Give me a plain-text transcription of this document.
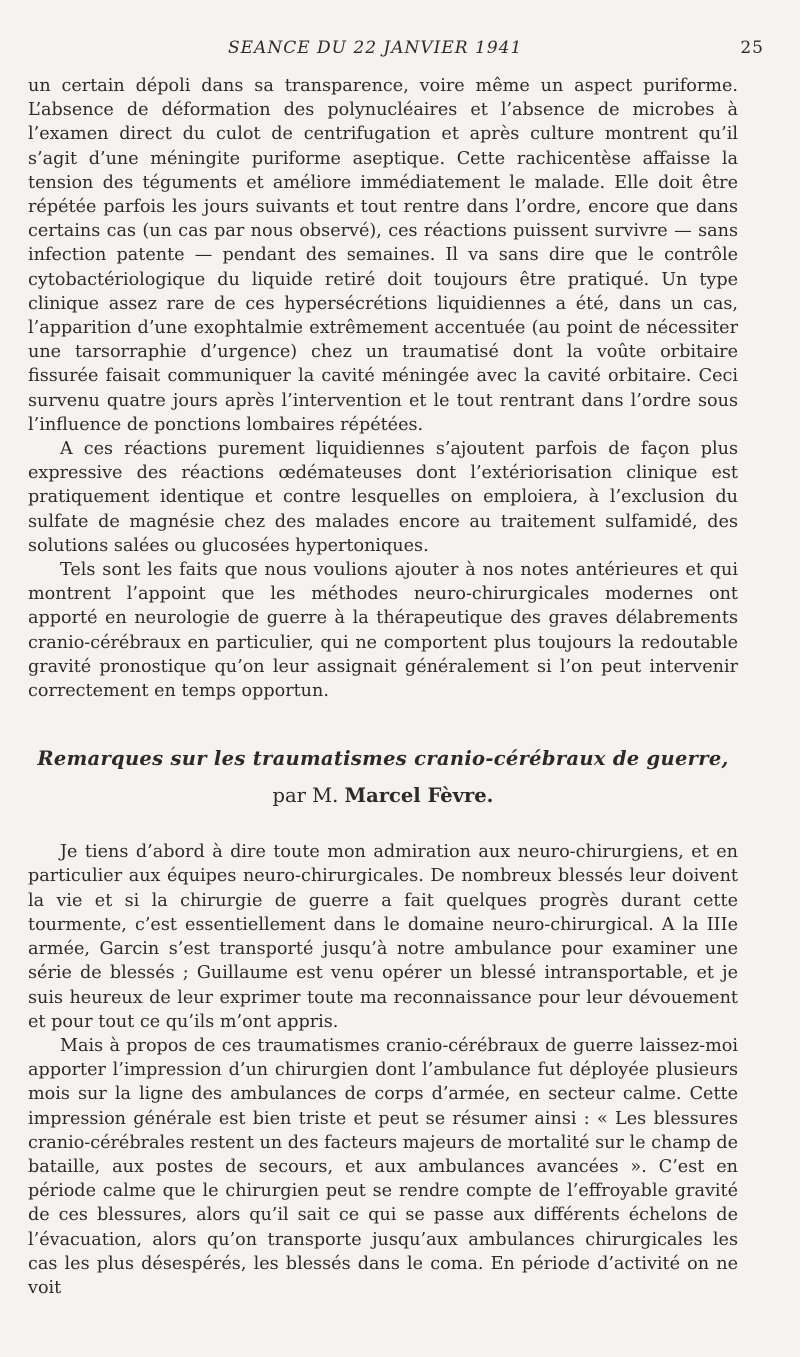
SEANCE DU 22 JANVIER 1941	25

un certain dépoli dans sa transparence, voire même un aspect puriforme. L’absence de déformation des polynucléaires et l’absence de microbes à l’examen direct du culot de centrifugation et après culture montrent qu’il s’agit d’une méningite puriforme aseptique. Cette rachicentèse affaisse la tension des téguments et améliore immédiatement le malade. Elle doit être répétée parfois les jours suivants et tout rentre dans l’ordre, encore que dans certains cas (un cas par nous observé), ces réactions puissent survivre — sans infection patente — pendant des semaines. Il va sans dire que le contrôle cytobactériologique du liquide retiré doit toujours être pratiqué. Un type clinique assez rare de ces hypersécrétions liquidiennes a été, dans un cas, l’apparition d’une exophtalmie extrêmement accentuée (au point de nécessiter une tarsorraphie d’urgence) chez un traumatisé dont la voûte orbitaire fissurée faisait communiquer la cavité méningée avec la cavité orbitaire. Ceci survenu quatre jours après l’intervention et le tout rentrant dans l’ordre sous l’influence de ponctions lombaires répétées.

A ces réactions purement liquidiennes s’ajoutent parfois de façon plus expressive des réactions œdémateuses dont l’extériorisation clinique est pratiquement identique et contre lesquelles on emploiera, à l’exclusion du sulfate de magnésie chez des malades encore au traitement sulfamidé, des solutions salées ou glucosées hypertoniques.

Tels sont les faits que nous voulions ajouter à nos notes antérieures et qui montrent l’appoint que les méthodes neuro-chirurgicales modernes ont apporté en neurologie de guerre à la thérapeutique des graves délabrements cranio-cérébraux en particulier, qui ne comportent plus toujours la redoutable gravité pronostique qu’on leur assignait généralement si l’on peut intervenir correctement en temps opportun.

Remarques sur les traumatismes cranio-cérébraux de guerre,
par M. Marcel Fèvre.

Je tiens d’abord à dire toute mon admiration aux neuro-chirurgiens, et en particulier aux équipes neuro-chirurgicales. De nombreux blessés leur doivent la vie et si la chirurgie de guerre a fait quelques progrès durant cette tourmente, c’est essentiellement dans le domaine neuro-chirurgical. A la IIIe armée, Garcin s’est transporté jusqu’à notre ambulance pour examiner une série de blessés ; Guillaume est venu opérer un blessé intransportable, et je suis heureux de leur exprimer toute ma reconnaissance pour leur dévouement et pour tout ce qu’ils m’ont appris.

Mais à propos de ces traumatismes cranio-cérébraux de guerre laissez-moi apporter l’impression d’un chirurgien dont l’ambulance fut déployée plusieurs mois sur la ligne des ambulances de corps d’armée, en secteur calme. Cette impression générale est bien triste et peut se résumer ainsi : « Les blessures cranio-cérébrales restent un des facteurs majeurs de mortalité sur le champ de bataille, aux postes de secours, et aux ambulances avancées ». C’est en période calme que le chirurgien peut se rendre compte de l’effroyable gravité de ces blessures, alors qu’il sait ce qui se passe aux différents échelons de l’évacuation, alors qu’on transporte jusqu’aux ambulances chirurgicales les cas les plus désespérés, les blessés dans le coma. En période d’activité on ne voit
